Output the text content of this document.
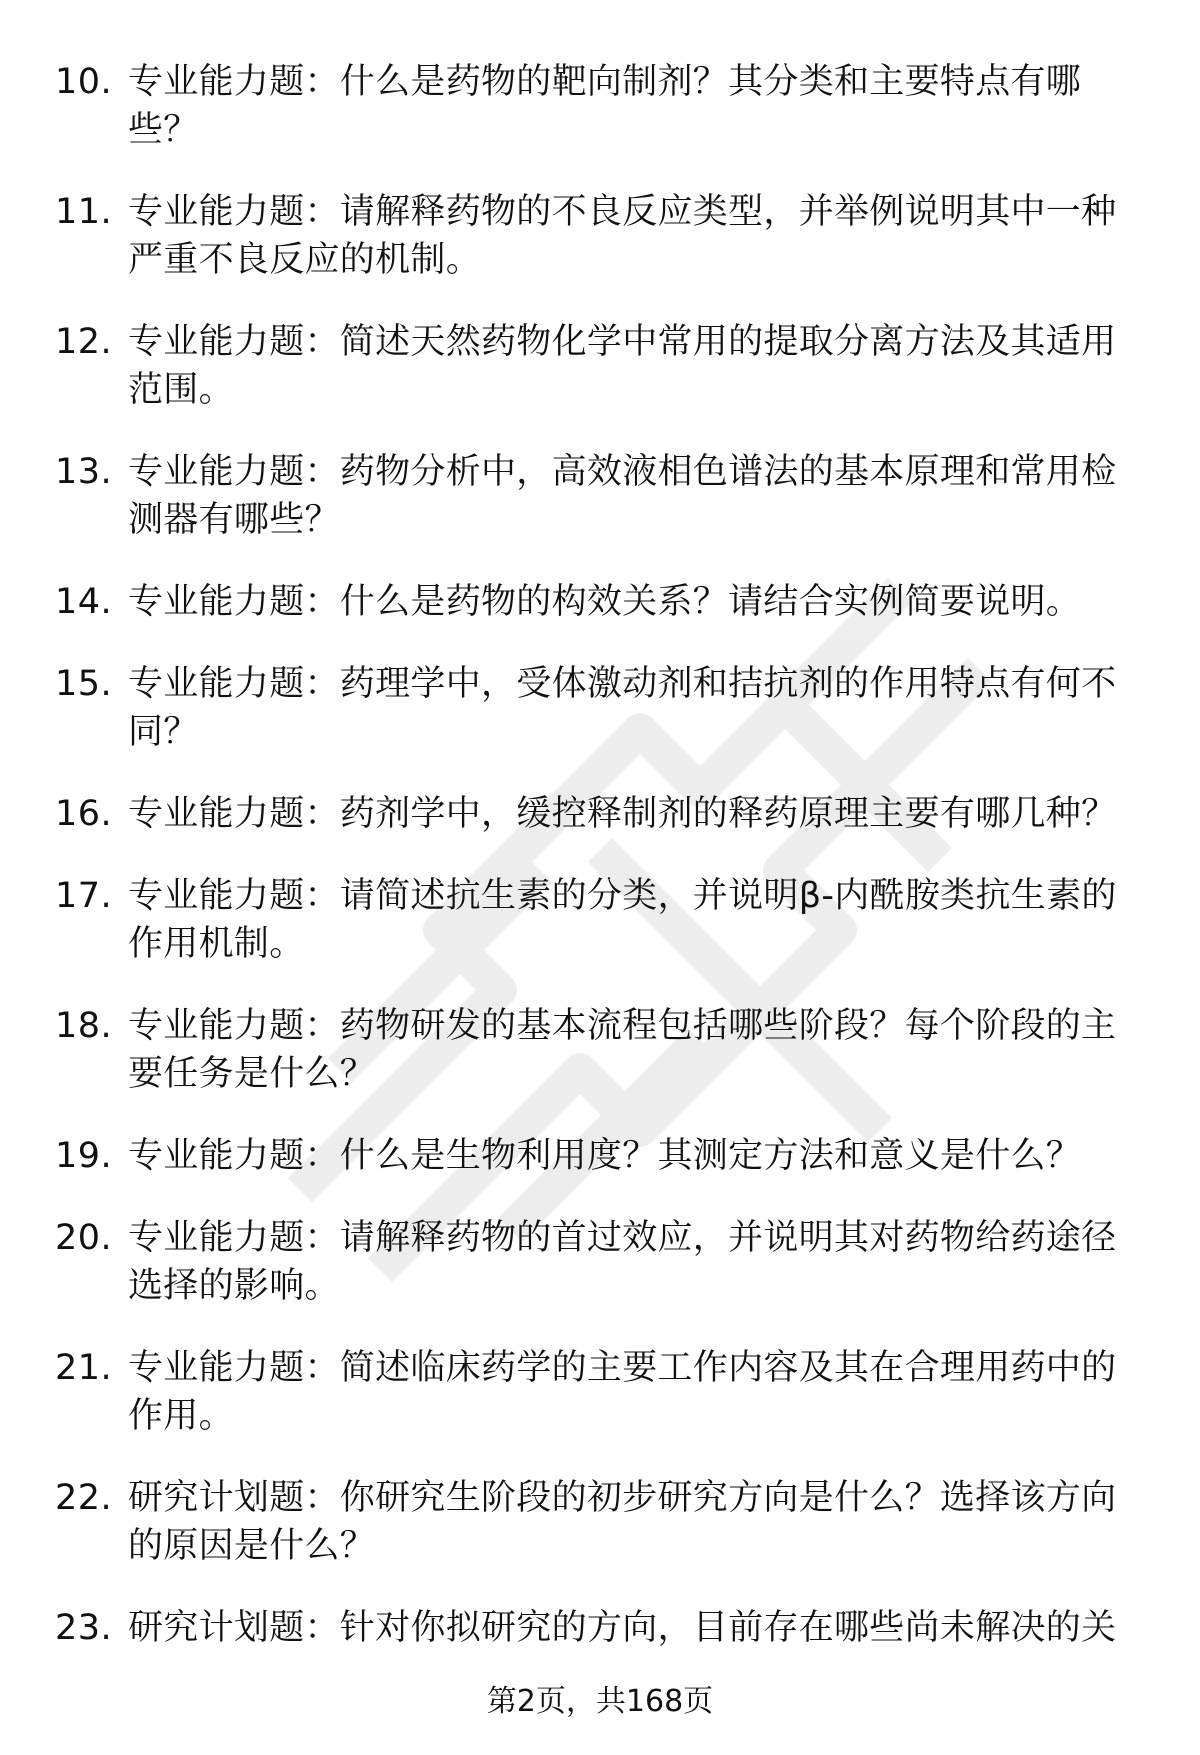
10. 专业能力题：什么是药物的靶向制剂？其分类和主要特点有哪些？
11. 专业能力题：请解释药物的不良反应类型，并举例说明其中一种严重不良反应的机制。
12. 专业能力题：简述天然药物化学中常用的提取分离方法及其适用范围。
13. 专业能力题：药物分析中，高效液相色谱法的基本原理和常用检测器有哪些？
14. 专业能力题：什么是药物的构效关系？请结合实例简要说明。
15. 专业能力题：药理学中，受体激动剂和拮抗剂的作用特点有何不同？
16. 专业能力题：药剂学中，缓控释制剂的释药原理主要有哪几种？
17. 专业能力题：请简述抗生素的分类，并说明β-内酰胺类抗生素的作用机制。
18. 专业能力题：药物研发的基本流程包括哪些阶段？每个阶段的主要任务是什么？
19. 专业能力题：什么是生物利用度？其测定方法和意义是什么？
20. 专业能力题：请解释药物的首过效应，并说明其对药物给药途径选择的影响。
21. 专业能力题：简述临床药学的主要工作内容及其在合理用药中的作用。
22. 研究计划题：你研究生阶段的初步研究方向是什么？选择该方向的原因是什么？
23. 研究计划题：针对你拟研究的方向，目前存在哪些尚未解决的关
第2页，共168页
